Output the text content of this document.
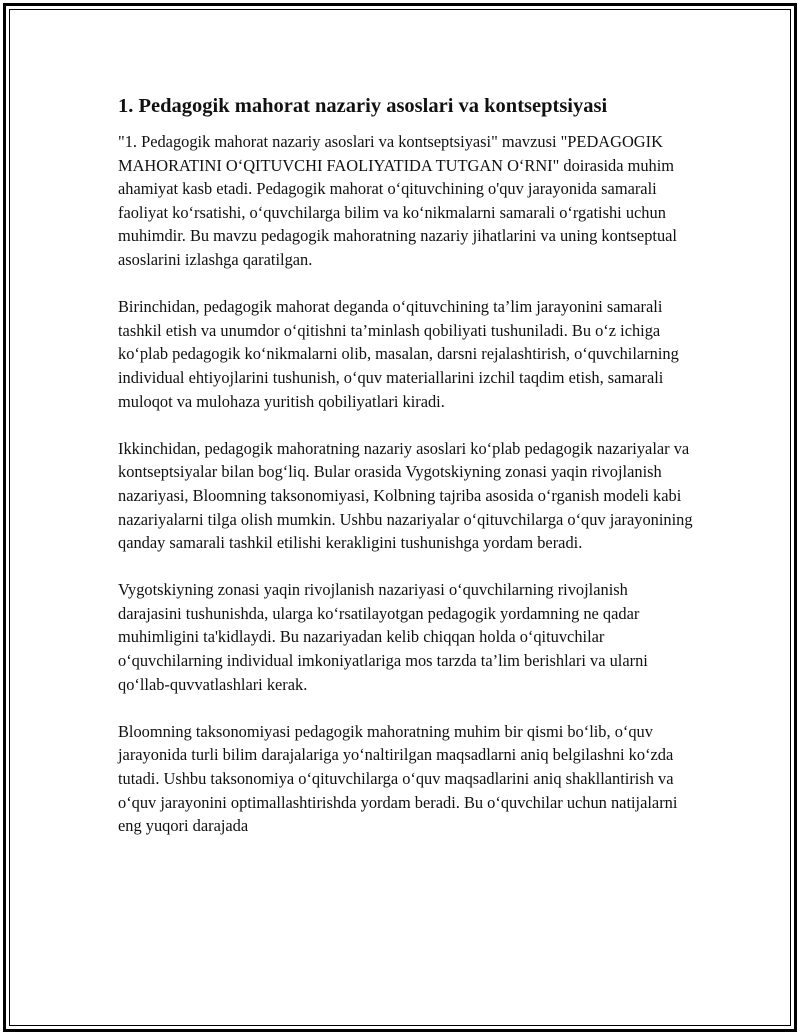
1. Pedagogik mahorat nazariy asoslari va kontseptsiyasi

"1. Pedagogik mahorat nazariy asoslari va kontseptsiyasi" mavzusi "PEDAGOGIK MAHORATINI O‘QITUVCHI FAOLIYATIDA TUTGAN O‘RNI" doirasida muhim ahamiyat kasb etadi. Pedagogik mahorat o‘qituvchining o'quv jarayonida samarali faoliyat ko‘rsatishi, o‘quvchilarga bilim va ko‘nikmalarni samarali o‘rgatishi uchun muhimdir. Bu mavzu pedagogik mahoratning nazariy jihatlarini va uning kontseptual asoslarini izlashga qaratilgan.

Birinchidan, pedagogik mahorat deganda o‘qituvchining ta’lim jarayonini samarali tashkil etish va unumdor o‘qitishni ta’minlash qobiliyati tushuniladi. Bu o‘z ichiga ko‘plab pedagogik ko‘nikmalarni olib, masalan, darsni rejalashtirish, o‘quvchilarning individual ehtiyojlarini tushunish, o‘quv materiallarini izchil taqdim etish, samarali muloqot va mulohaza yuritish qobiliyatlari kiradi.

Ikkinchidan, pedagogik mahoratning nazariy asoslari ko‘plab pedagogik nazariyalar va kontseptsiyalar bilan bog‘liq. Bular orasida Vygotskiyning zonasi yaqin rivojlanish nazariyasi, Bloomning taksonomiyasi, Kolbning tajriba asosida o‘rganish modeli kabi nazariyalarni tilga olish mumkin. Ushbu nazariyalar o‘qituvchilarga o‘quv jarayonining qanday samarali tashkil etilishi kerakligini tushunishga yordam beradi.

Vygotskiyning zonasi yaqin rivojlanish nazariyasi o‘quvchilarning rivojlanish darajasini tushunishda, ularga ko‘rsatilayotgan pedagogik yordamning ne qadar muhimligini ta'kidlaydi. Bu nazariyadan kelib chiqqan holda o‘qituvchilar o‘quvchilarning individual imkoniyatlariga mos tarzda ta’lim berishlari va ularni qo‘llab-quvvatlashlari kerak.

Bloomning taksonomiyasi pedagogik mahoratning muhim bir qismi bo‘lib, o‘quv jarayonida turli bilim darajalariga yo‘naltirilgan maqsadlarni aniq belgilashni ko‘zda tutadi. Ushbu taksonomiya o‘qituvchilarga o‘quv maqsadlarini aniq shakllantirish va o‘quv jarayonini optimallashtirishda yordam beradi. Bu o‘quvchilar uchun natijalarni eng yuqori darajada
